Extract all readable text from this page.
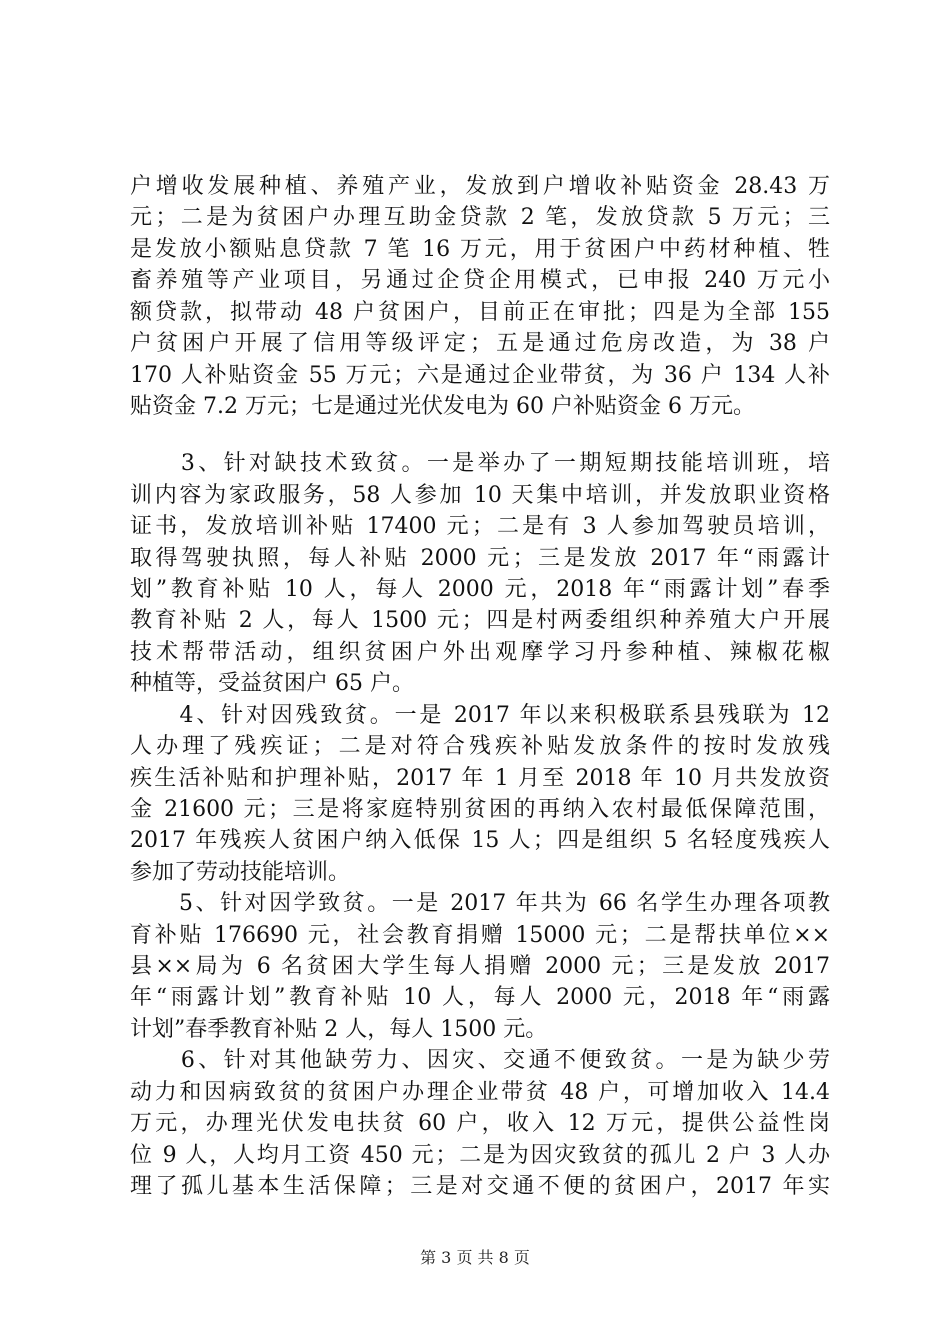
户增收发展种植、养殖产业，发放到户增收补贴资金 28.43 万
元；二是为贫困户办理互助金贷款 2 笔，发放贷款 5 万元；三
是发放小额贴息贷款 7 笔 16 万元，用于贫困户中药材种植、牲
畜养殖等产业项目，另通过企贷企用模式，已申报 240 万元小
额贷款，拟带动 48 户贫困户，目前正在审批；四是为全部 155
户贫困户开展了信用等级评定；五是通过危房改造，为 38 户
170 人补贴资金 55 万元；六是通过企业带贫，为 36 户 134 人补
贴资金 7.2 万元；七是通过光伏发电为 60 户补贴资金 6 万元。
　　3、针对缺技术致贫。一是举办了一期短期技能培训班，培
训内容为家政服务，58 人参加 10 天集中培训，并发放职业资格
证书，发放培训补贴 17400 元；二是有 3 人参加驾驶员培训，
取得驾驶执照，每人补贴 2000 元；三是发放 2017 年“雨露计
划”教育补贴 10 人，每人 2000 元，2018 年“雨露计划”春季
教育补贴 2 人，每人 1500 元；四是村两委组织种养殖大户开展
技术帮带活动，组织贫困户外出观摩学习丹参种植、辣椒花椒
种植等，受益贫困户 65 户。
　　4、针对因残致贫。一是 2017 年以来积极联系县残联为 12
人办理了残疾证；二是对符合残疾补贴发放条件的按时发放残
疾生活补贴和护理补贴，2017 年 1 月至 2018 年 10 月共发放资
金 21600 元；三是将家庭特别贫困的再纳入农村最低保障范围，
2017 年残疾人贫困户纳入低保 15 人；四是组织 5 名轻度残疾人
参加了劳动技能培训。
　　5、针对因学致贫。一是 2017 年共为 66 名学生办理各项教
育补贴 176690 元，社会教育捐赠 15000 元；二是帮扶单位××
县××局为 6 名贫困大学生每人捐赠 2000 元；三是发放 2017
年“雨露计划”教育补贴 10 人，每人 2000 元，2018 年“雨露
计划”春季教育补贴 2 人，每人 1500 元。
　　6、针对其他缺劳力、因灾、交通不便致贫。一是为缺少劳
动力和因病致贫的贫困户办理企业带贫 48 户，可增加收入 14.4
万元，办理光伏发电扶贫 60 户，收入 12 万元，提供公益性岗
位 9 人，人均月工资 450 元；二是为因灾致贫的孤儿 2 户 3 人办
理了孤儿基本生活保障；三是对交通不便的贫困户，2017 年实
第 3 页 共 8 页
